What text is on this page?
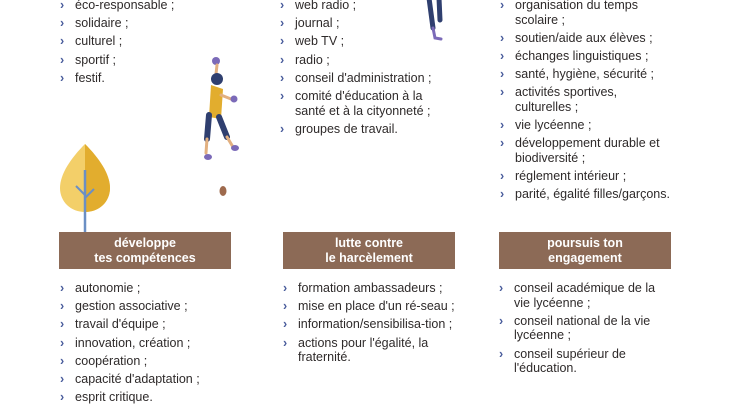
› éco-responsable ;
› solidaire ;
› culturel ;
› sportif ;
› festif.
› web radio ;
› journal ;
› web TV ;
› radio ;
› conseil d'administration ;
› comité d'éducation à la santé et à la cityonneté ;
› groupes de travail.
› organisation du temps scolaire ;
› soutien/aide aux élèves ;
› échanges linguistiques ;
› santé, hygiène, sécurité ;
› activités sportives, culturelles ;
› vie lycéenne ;
› développement durable et biodiversité ;
› réglement intérieur ;
› parité, égalité filles/garçons.
développe
tes compétences
lutte contre
le harcèlement
poursuis ton
engagement
› autonomie ;
› gestion associative ;
› travail d'équipe ;
› innovation, création ;
› coopération ;
› capacité d'adaptation ;
› esprit critique.
› formation ambassadeurs ;
› mise en place d'un ré-seau ;
› information/sensibilisa-tion ;
› actions pour l'égalité, la fraternité.
› conseil académique de la vie lycéenne ;
› conseil national de la vie lycéenne ;
› conseil supérieur de l'éducation.
